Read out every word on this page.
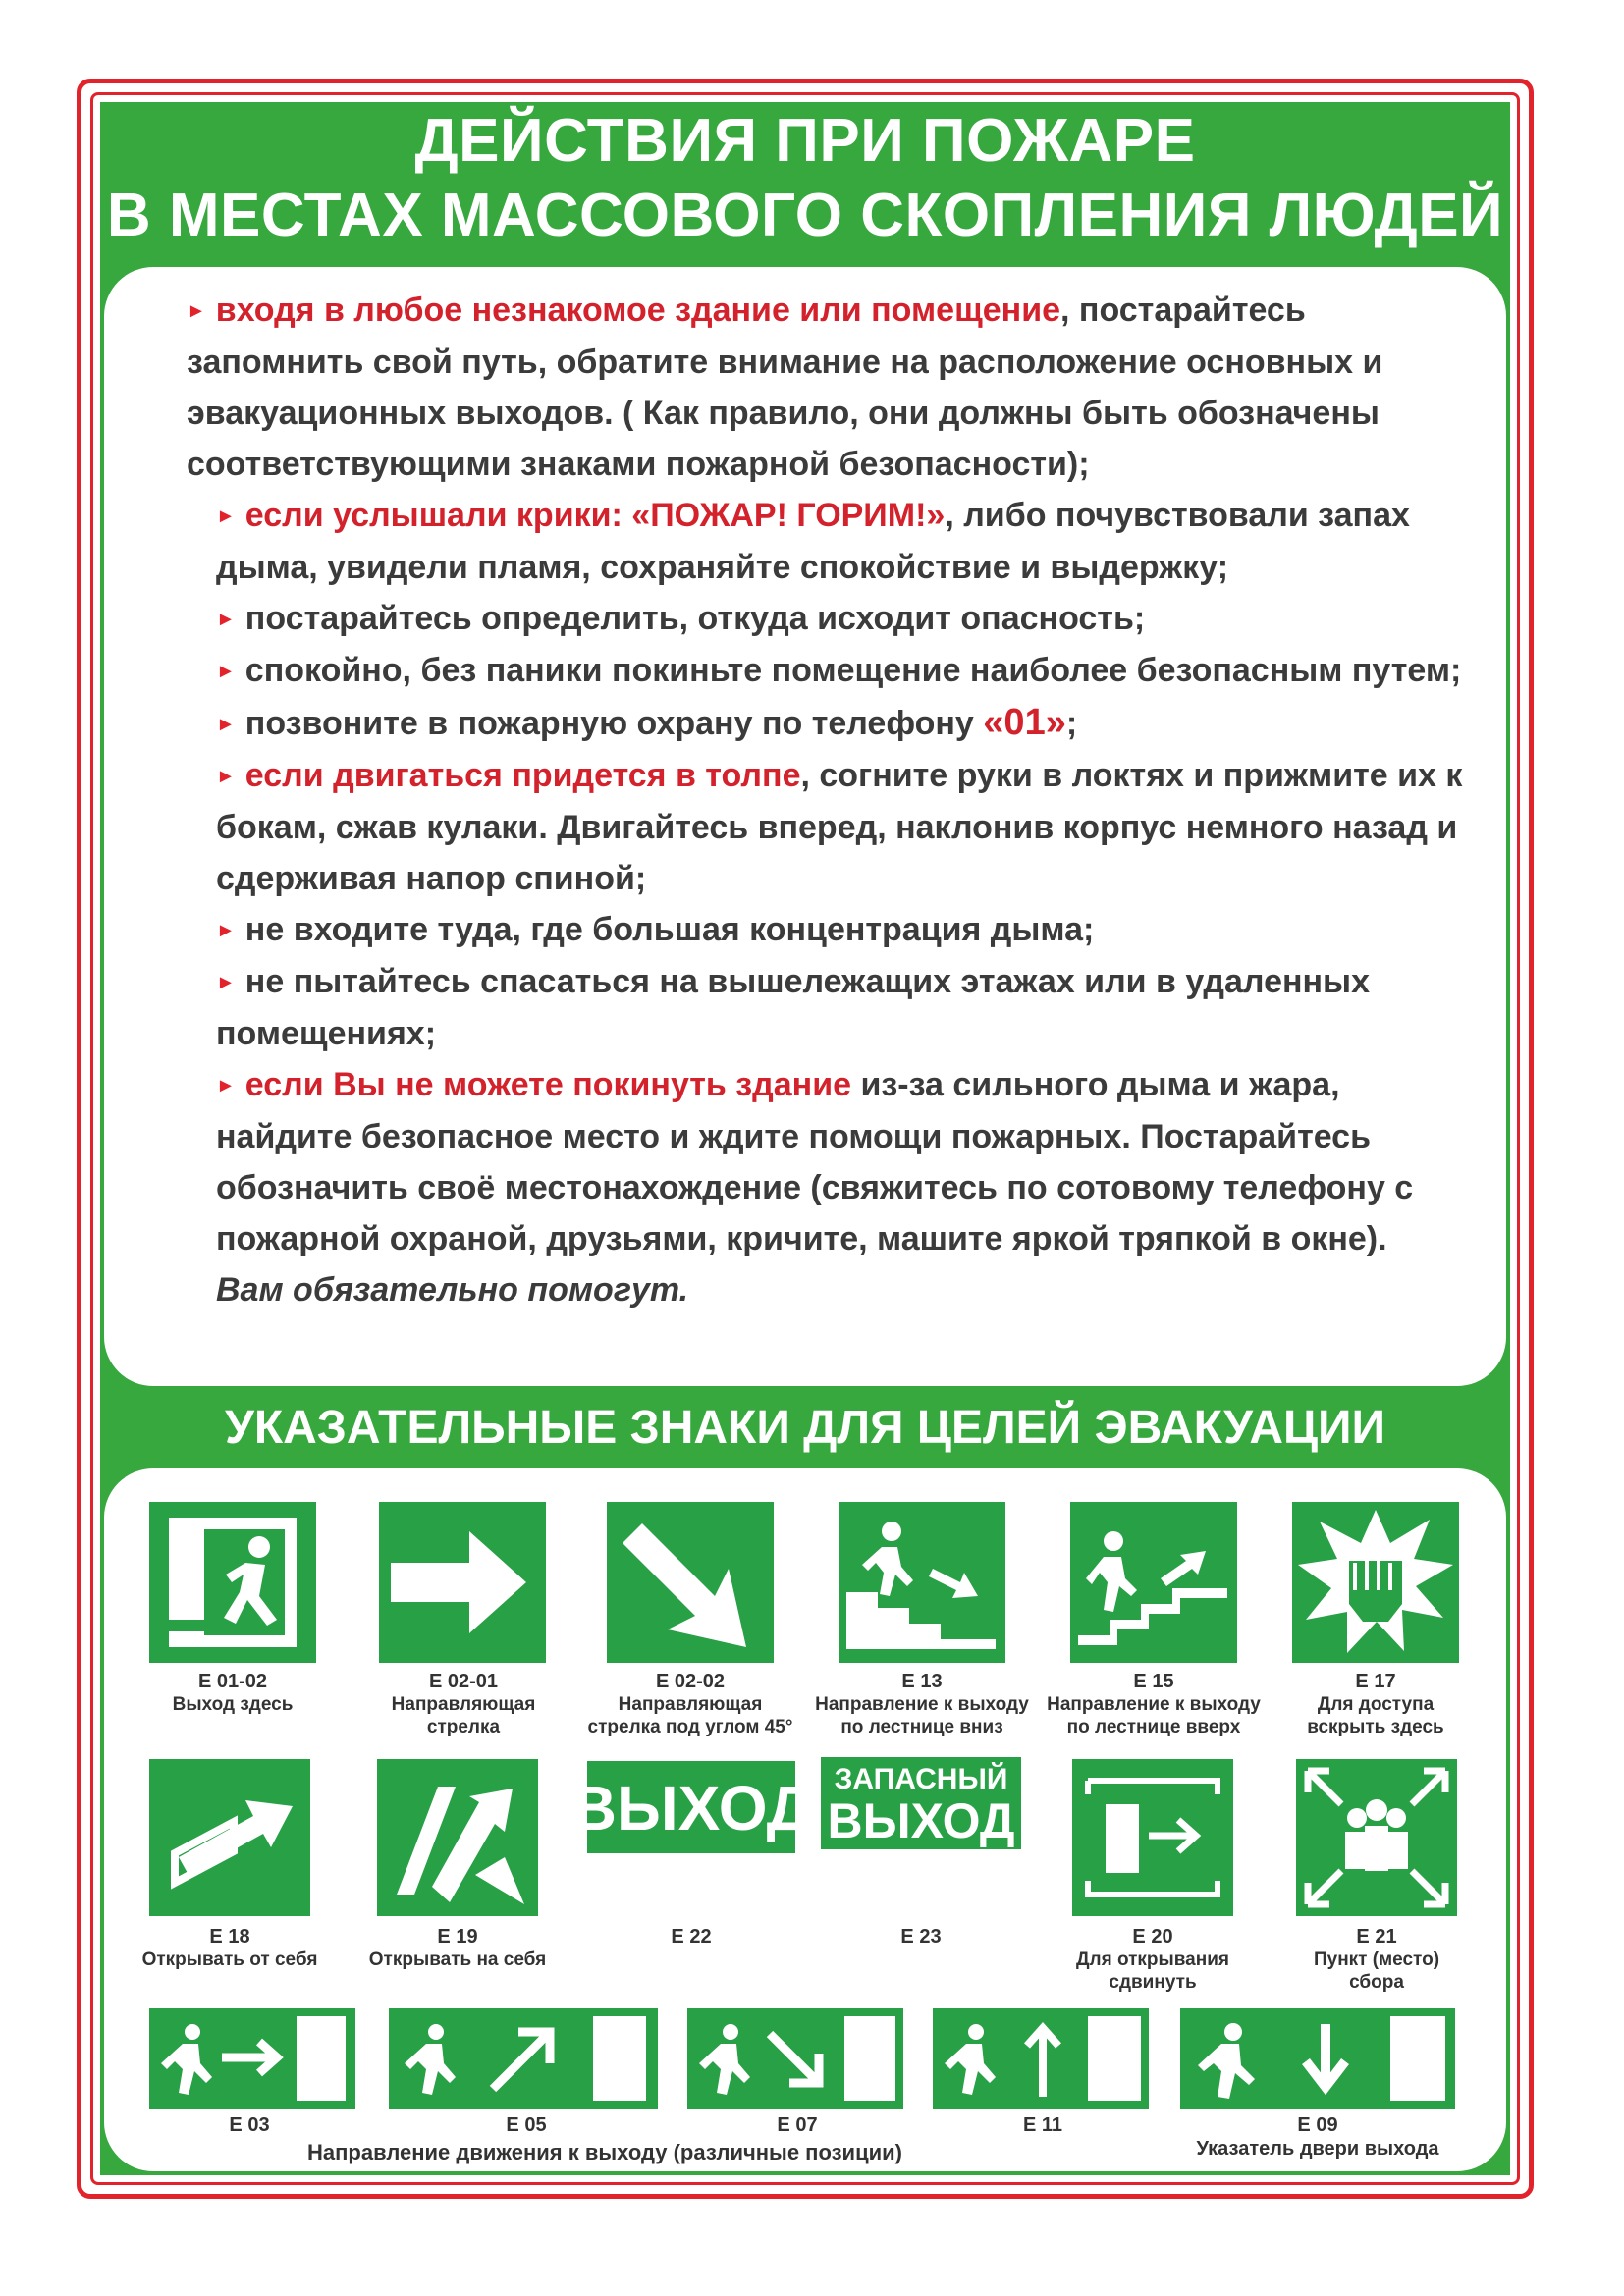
ДЕЙСТВИЯ ПРИ ПОЖАРЕ
В МЕСТАХ МАССОВОГО СКОПЛЕНИЯ ЛЮДЕЙ

► входя в любое незнакомое здание или помещение, постарайтесь запомнить свой путь, обратите внимание на расположение основных и эвакуационных выходов. ( Как правило, они должны быть обозначены соответствующими знаками пожарной безопасности);

► если услышали крики: «ПОЖАР! ГОРИМ!», либо почувствовали запах дыма, увидели пламя, сохраняйте спокойствие и выдержку;

► постарайтесь определить, откуда исходит опасность;

► спокойно, без паники покиньте помещение наиболее безопасным путем;

► позвоните в пожарную охрану по телефону «01»;

► если двигаться придется в толпе, согните руки в локтях и прижмите их к бокам, сжав кулаки. Двигайтесь вперед, наклонив корпус немного назад и сдерживая напор спиной;

► не входите туда, где большая концентрация дыма;

► не пытайтесь спасаться на вышележащих этажах или в удаленных помещениях;

► если Вы не можете покинуть здание из-за сильного дыма и жара, найдите безопасное место и ждите помощи пожарных. Постарайтесь обозначить своё местонахождение (свяжитесь по сотовому телефону с пожарной охраной, друзьями, кричите, машите яркой тряпкой в окне).

Вам обязательно помогут.

УКАЗАТЕЛЬНЫЕ ЗНАКИ ДЛЯ ЦЕЛЕЙ ЭВАКУАЦИИ
E 01-02
Выход здесь
E 02-01
Направляющая
стрелка
E 02-02
Направляющая
стрелка под углом 45°
E 13
Направление к выходу
по лестнице вниз
E 15
Направление к выходу
по лестнице вверх
E 17
Для доступа
вскрыть здесь
E 18
Открывать от себя
E 19
Открывать на себя
ВЫХОД
E 22
ЗАПАСНЫЙ
ВЫХОД
E 23	E 20
Для открывания
сдвинуть
E 21
Пункт (место)
сбора
E 03	E 05	E 07	E 11	E 09
Направление движения к выходу (различные позиции)	Указатель двери выхода
